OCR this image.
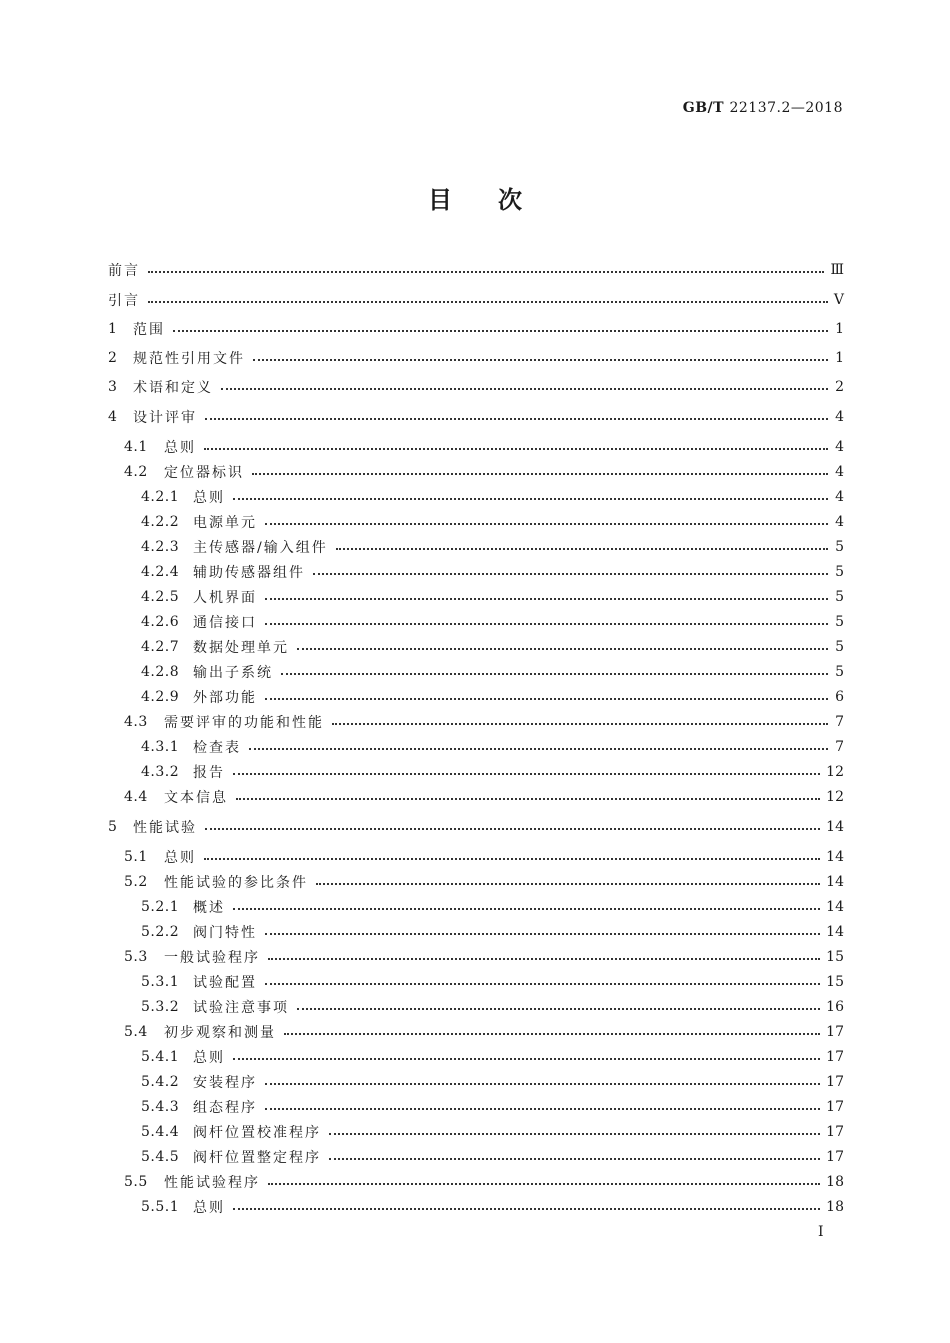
GB/T 22137.2—2018
目 次
前言	Ⅲ
引言	Ⅴ
1	范围	1
2	规范性引用文件	1
3	术语和定义	2
4	设计评审	4
4.1	总则	4
4.2	定位器标识	4
4.2.1 总则	4
4.2.2 电源单元	4
4.2.3 主传感器/输入组件	5
4.2.4 辅助传感器组件	5
4.2.5 人机界面	5
4.2.6 通信接口	5
4.2.7 数据处理单元	5
4.2.8 输出子系统	5
4.2.9 外部功能	6
4.3	需要评审的功能和性能	7
4.3.1 检查表	7
4.3.2 报告	12
4.4	文本信息	12
5	性能试验	14
5.1	总则	14
5.2	性能试验的参比条件	14
5.2.1 概述	14
5.2.2 阀门特性	14
5.3	一般试验程序	15
5.3.1 试验配置	15
5.3.2 试验注意事项	16
5.4	初步观察和测量	17
5.4.1 总则	17
5.4.2 安装程序	17
5.4.3 组态程序	17
5.4.4 阀杆位置校准程序	17
5.4.5 阀杆位置整定程序	17
5.5	性能试验程序	18
5.5.1 总则	18
Ⅰ
